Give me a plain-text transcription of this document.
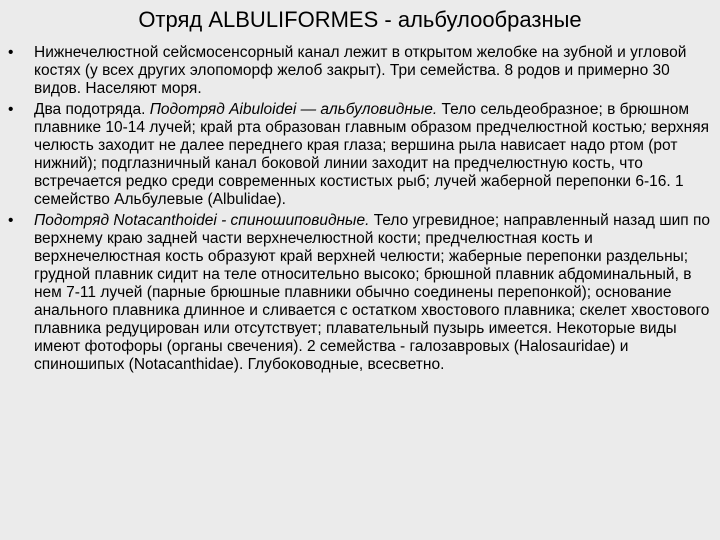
Отряд ALBULIFORMES - альбулообразные
•	Нижнечелюстной сейсмосенсорный канал лежит в открытом желобке на зубной и угловой костях (у всех других элопоморф желоб закрыт). Три семейства. 8 родов и примерно 30 видов. Населяют моря.
•	Два подотряда. Подотряд Aibuloidei — альбуловидные. Тело сельдеобразное; в брюшном плавнике 10-14 лучей; край рта образован главным образом предчелюстной костью; верхняя челюсть заходит не далее переднего края глаза; вершина рыла нависает надо ртом (рот нижний); подглазничный канал боковой линии заходит на предчелюстную кость, что встречается редко среди современных костистых рыб; лучей жаберной перепонки 6-16. 1 семейство Альбулевые (Albulidae).
•	Подотряд Notacanthoidei - спиношиповидные. Тело угревидное; направленный назад шип по верхнему краю задней части верхнечелюстной кости; предчелюстная кость и верхнечелюстная кость образуют край верхней челюсти; жаберные перепонки раздельны; грудной плавник сидит на теле относительно высоко; брюшной плавник абдоминальный, в нем 7-11 лучей (парные брюшные плавники обычно соединены перепонкой); основание анального плавника длинное и сливается с остатком хвостового плавника; скелет хвостового плавника редуцирован или отсутствует; плавательный пузырь имеется. Некоторые виды имеют фотофоры (органы свечения). 2 семейства - галозавровых (Halosauridae) и спиношипых (Notacanthidae). Глубоководные, всесветно.
